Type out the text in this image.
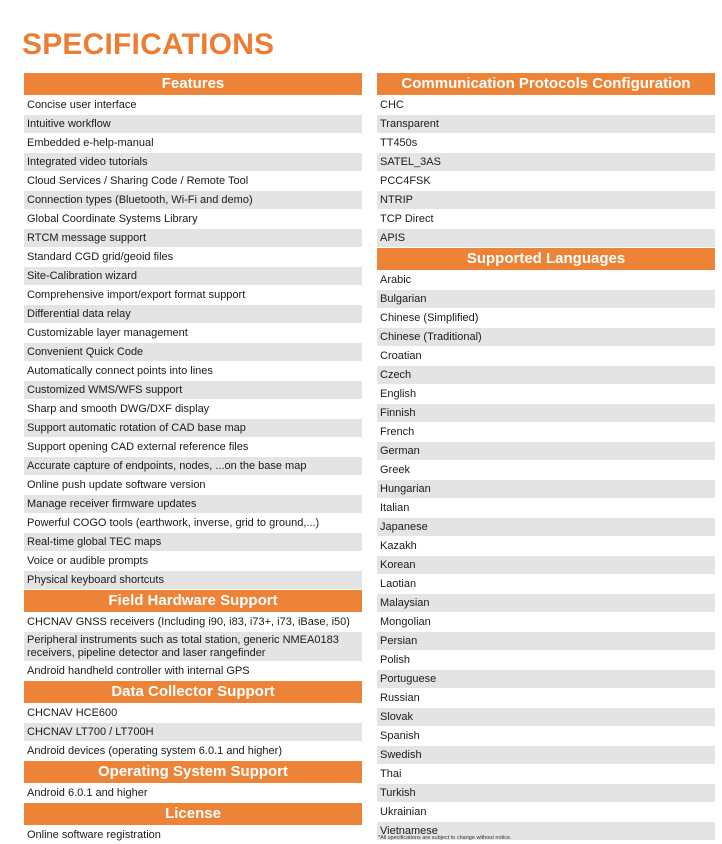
SPECIFICATIONS
Features
Concise user interface
Intuitive workflow
Embedded e-help-manual
Integrated video tutorials
Cloud Services / Sharing Code / Remote Tool
Connection types (Bluetooth, Wi-Fi and demo)
Global Coordinate Systems Library
RTCM message support
Standard CGD grid/geoid files
Site-Calibration wizard
Comprehensive import/export format support
Differential data relay
Customizable layer management
Convenient Quick Code
Automatically connect points into lines
Customized WMS/WFS support
Sharp and smooth DWG/DXF display
Support automatic rotation of CAD base map
Support opening CAD external reference files
Accurate capture of endpoints, nodes, ...on the base map
Online push update software version
Manage receiver firmware updates
Powerful COGO tools (earthwork, inverse, grid to ground,...)
Real-time global TEC maps
Voice or audible prompts
Physical keyboard shortcuts
Field Hardware Support
CHCNAV GNSS receivers (Including i90, i83, i73+, i73, iBase, i50)
Peripheral instruments such as total station, generic NMEA0183 receivers, pipeline detector and laser rangefinder
Android handheld controller with internal GPS
Data Collector Support
CHCNAV HCE600
CHCNAV LT700 / LT700H
Android devices (operating system 6.0.1 and higher)
Operating System Support
Android 6.0.1 and higher
License
Online software registration
Communication Protocols Configuration
CHC
Transparent
TT450s
SATEL_3AS
PCC4FSK
NTRIP
TCP Direct
APIS
Supported Languages
Arabic
Bulgarian
Chinese (Simplified)
Chinese (Traditional)
Croatian
Czech
English
Finnish
French
German
Greek
Hungarian
Italian
Japanese
Kazakh
Korean
Laotian
Malaysian
Mongolian
Persian
Polish
Portuguese
Russian
Slovak
Spanish
Swedish
Thai
Turkish
Ukrainian
Vietnamese
*All specifications are subject to change without notice.
